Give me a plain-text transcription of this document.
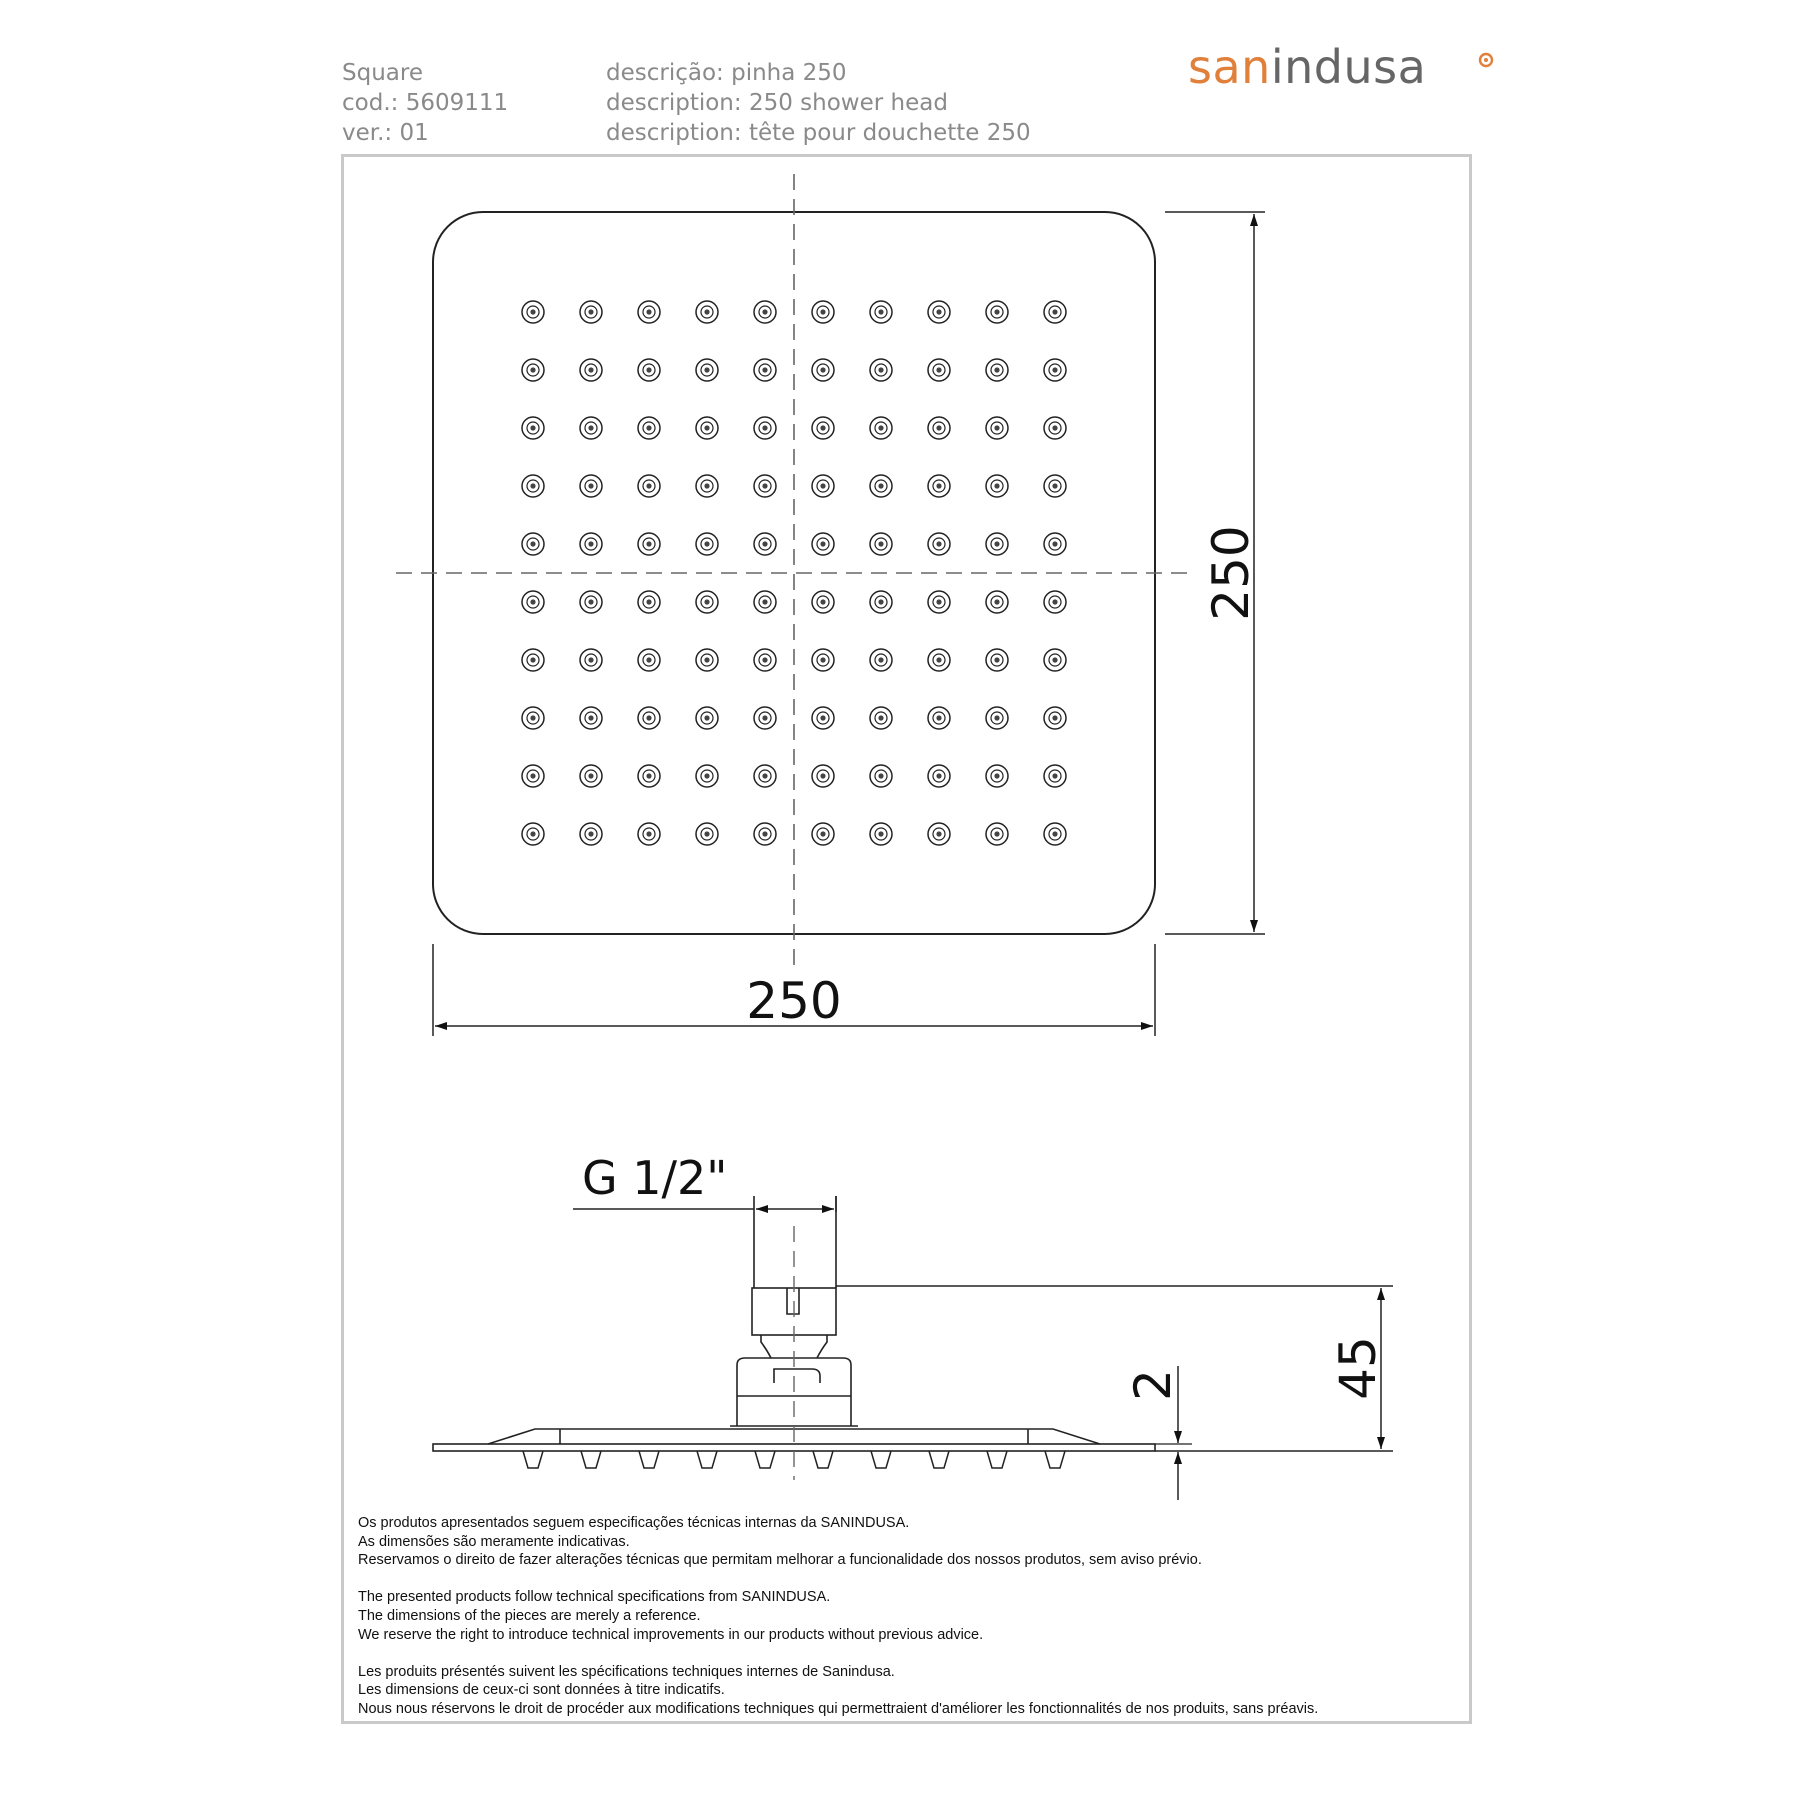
Square
cod.: 5609111
ver.: 01
descrição: pinha 250
description: 250 shower head
description: tête pour douchette 250
sanindusa
250
250
G 1/2"
45
2
Os produtos apresentados seguem especificações técnicas internas da SANINDUSA.
As dimensões são meramente indicativas.
Reservamos o direito de fazer alterações técnicas que permitam melhorar a funcionalidade dos nossos produtos, sem aviso prévio.
The presented products follow technical specifications from SANINDUSA.
The dimensions of the pieces are merely a reference.
We reserve the right to introduce technical improvements in our products without previous advice.
Les produits présentés suivent les spécifications techniques internes de Sanindusa.
Les dimensions de ceux-ci sont données à titre indicatifs.
Nous nous réservons le droit de procéder aux modifications techniques qui permettraient d'améliorer les fonctionnalités de nos produits, sans préavis.
